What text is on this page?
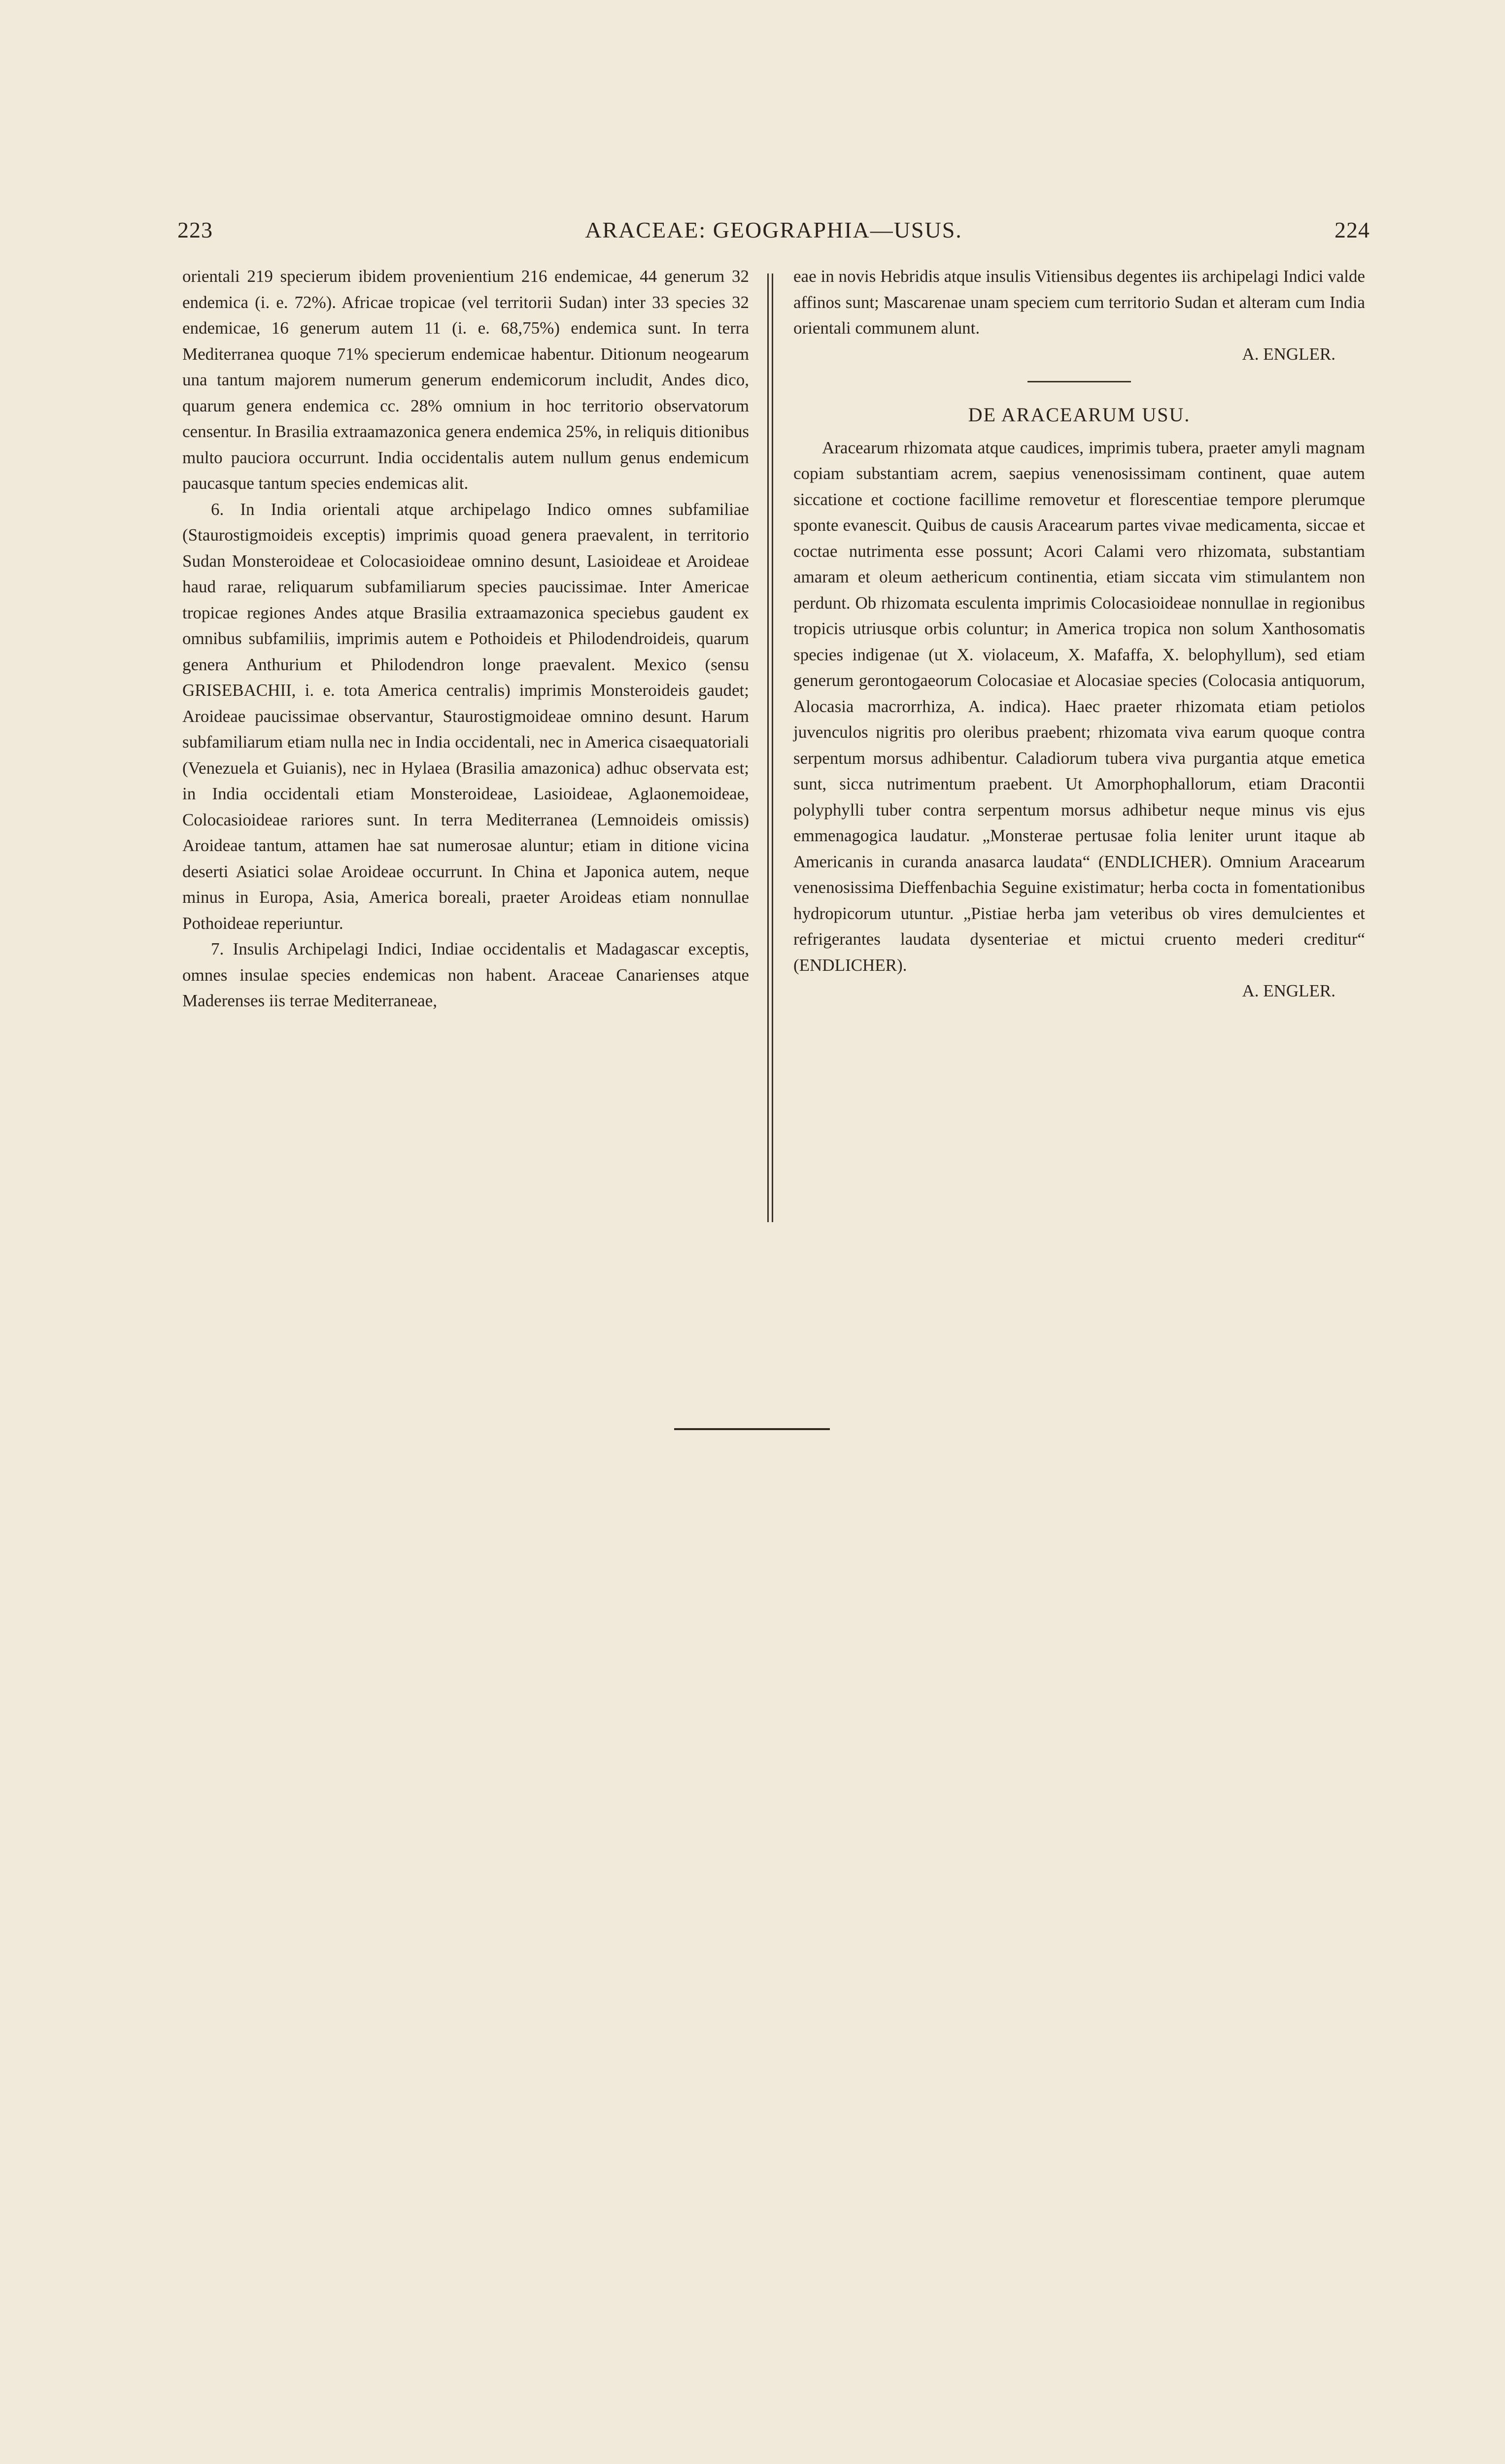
223	ARACEAE: GEOGRAPHIA—USUS.	224

orientali 219 specierum ibidem provenientium 216 endemicae, 44 generum 32 endemica (i. e. 72%). Africae tropicae (vel territorii Sudan) inter 33 species 32 endemicae, 16 generum autem 11 (i. e. 68,75%) endemica sunt. In terra Mediterranea quoque 71% specierum endemicae habentur. Ditionum neogearum una tantum majorem numerum generum endemicorum includit, Andes dico, quarum genera endemica cc. 28% omnium in hoc territorio observatorum censentur. In Brasilia extraamazonica genera endemica 25%, in reliquis ditionibus multo pauciora occurrunt. India occidentalis autem nullum genus endemicum paucasque tantum species endemicas alit.

6. In India orientali atque archipelago Indico omnes subfamiliae (Staurostigmoideis exceptis) imprimis quoad genera praevalent, in territorio Sudan Monsteroideae et Colocasioideae omnino desunt, Lasioideae et Aroideae haud rarae, reliquarum subfamiliarum species paucissimae. Inter Americae tropicae regiones Andes atque Brasilia extraamazonica speciebus gaudent ex omnibus subfamiliis, imprimis autem e Pothoideis et Philodendroideis, quarum genera Anthurium et Philodendron longe praevalent. Mexico (sensu GRISEBACHII, i. e. tota America centralis) imprimis Monsteroideis gaudet; Aroideae paucissimae observantur, Staurostigmoideae omnino desunt. Harum subfamiliarum etiam nulla nec in India occidentali, nec in America cisaequatoriali (Venezuela et Guianis), nec in Hylaea (Brasilia amazonica) adhuc observata est; in India occidentali etiam Monsteroideae, Lasioideae, Aglaonemoideae, Colocasioideae rariores sunt. In terra Mediterranea (Lemnoideis omissis) Aroideae tantum, attamen hae sat numerosae aluntur; etiam in ditione vicina deserti Asiatici solae Aroideae occurrunt. In China et Japonica autem, neque minus in Europa, Asia, America boreali, praeter Aroideas etiam nonnullae Pothoideae reperiuntur.

7. Insulis Archipelagi Indici, Indiae occidentalis et Madagascar exceptis, omnes insulae species endemicas non habent. Araceae Canarienses atque Maderenses iis terrae Mediterraneae,

eae in novis Hebridis atque insulis Vitiensibus degentes iis archipelagi Indici valde affinos sunt; Mascarenae unam speciem cum territorio Sudan et alteram cum India orientali communem alunt.

A. ENGLER.

DE ARACEARUM USU.

Aracearum rhizomata atque caudices, imprimis tubera, praeter amyli magnam copiam substantiam acrem, saepius venenosissimam continent, quae autem siccatione et coctione facillime removetur et florescentiae tempore plerumque sponte evanescit. Quibus de causis Aracearum partes vivae medicamenta, siccae et coctae nutrimenta esse possunt; Acori Calami vero rhizomata, substantiam amaram et oleum aethericum continentia, etiam siccata vim stimulantem non perdunt. Ob rhizomata esculenta imprimis Colocasioideae nonnullae in regionibus tropicis utriusque orbis coluntur; in America tropica non solum Xanthosomatis species indigenae (ut X. violaceum, X. Mafaffa, X. belophyllum), sed etiam generum gerontogaeorum Colocasiae et Alocasiae species (Colocasia antiquorum, Alocasia macrorrhiza, A. indica). Haec praeter rhizomata etiam petiolos juvenculos nigritis pro oleribus praebent; rhizomata viva earum quoque contra serpentum morsus adhibentur. Caladiorum tubera viva purgantia atque emetica sunt, sicca nutrimentum praebent. Ut Amorphophallorum, etiam Dracontii polyphylli tuber contra serpentum morsus adhibetur neque minus vis ejus emmenagogica laudatur. „Monsterae pertusae folia leniter urunt itaque ab Americanis in curanda anasarca laudata“ (ENDLICHER). Omnium Aracearum venenosissima Dieffenbachia Seguine existimatur; herba cocta in fomentationibus hydropicorum utuntur. „Pistiae herba jam veteribus ob vires demulcientes et refrigerantes laudata dysenteriae et mictui cruento mederi creditur“ (ENDLICHER).

A. ENGLER.
